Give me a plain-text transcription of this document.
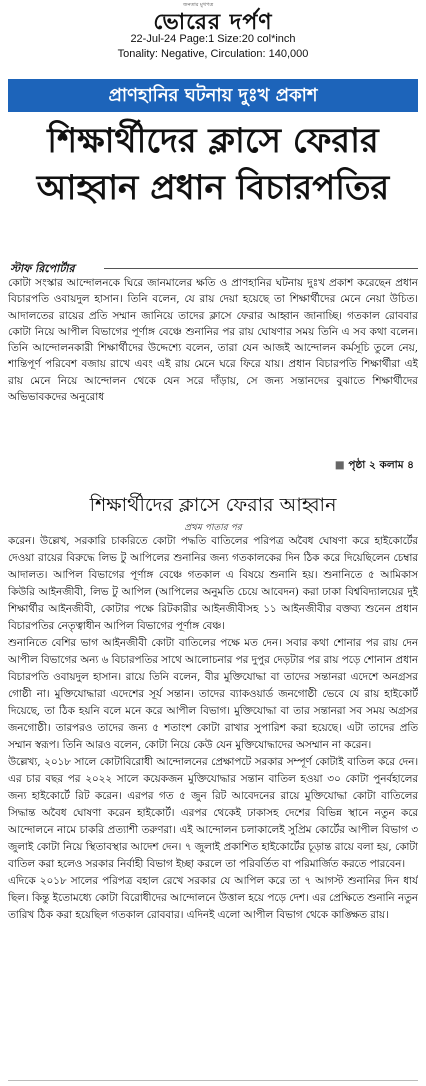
জনতার মুখপত্র
ভোরের দর্পণ
22-Jul-24 Page:1 Size:20 col*inch
Tonality: Negative, Circulation: 140,000
প্রাণহানির ঘটনায় দুঃখ প্রকাশ
শিক্ষার্থীদের ক্লাসে ফেরার আহ্বান প্রধান বিচারপতির
স্টাফ রিপোর্টার
কোটা সংস্কার আন্দোলনকে ঘিরে জানমালের ক্ষতি ও প্রাণহানির ঘটনায় দুঃখ প্রকাশ করেছেন প্রধান বিচারপতি ওবায়দুল হাসান। তিনি বলেন, যে রায় দেয়া হয়েছে তা শিক্ষার্থীদের মেনে নেয়া উচিত। আদালতের রায়ের প্রতি সম্মান জানিয়ে তাদের ক্লাসে ফেরার আহ্বান জানাচ্ছি। গতকাল রোববার কোটা নিয়ে আপীল বিভাগের পূর্ণাঙ্গ বেঞ্চে শুনানির পর রায় ঘোষণার সময় তিনি এ সব কথা বলেন। তিনি আন্দোলনকারী শিক্ষার্থীদের উদ্দেশ্যে বলেন, তারা যেন আজই আন্দোলন কর্মসূচি তুলে নেয়, শান্তিপূর্ণ পরিবেশ বজায় রাখে এবং এই রায় মেনে ঘরে ফিরে যায়। প্রধান বিচারপতি শিক্ষার্থীরা এই রায় মেনে নিয়ে আন্দোলন থেকে যেন সরে দাঁড়ায়, সে জন্য সন্তানদের বুঝাতে শিক্ষার্থীদের অভিভাবকদের অনুরোধ
■ পৃষ্ঠা ২ কলাম ৪
শিক্ষার্থীদের ক্লাসে ফেরার আহ্বান
প্রথম পাতার পর

করেন। উল্লেখ, সরকারি চাকরিতে কোটা পদ্ধতি বাতিলের পরিপত্র অবৈধ ঘোষণা করে হাইকোর্টের দেওয়া রায়ের বিরুদ্ধে লিভ টু আপিলের শুনানির জন্য গতকালকের দিন ঠিক করে দিয়েছিলেন চেম্বার আদালত। আপিল বিভাগের পূর্ণাঙ্গ বেঞ্চে গতকাল এ বিষয়ে শুনানি হয়। শুনানিতে ৫ আমিকাস কিউরি আইনজীবী, লিভ টু আপিল (আপিলের অনুমতি চেয়ে আবেদন) করা ঢাকা বিশ্ববিদ্যালয়ের দুই শিক্ষার্থীর আইনজীবী, কোটার পক্ষে রিটকারীর আইনজীবীসহ ১১ আইনজীবীর বক্তব্য শুনেন প্রধান বিচারপতির নেতৃত্বাধীন আপিল বিভাগের পূর্ণাঙ্গ বেঞ্চ।

শুনানিতে বেশির ভাগ আইনজীবী কোটা বাতিলের পক্ষে মত দেন। সবার কথা শোনার পর রায় দেন আপীল বিভাগের অন্য ৬ বিচারপতির সাথে আলোচনার পর দুপুর দেড়টার পর রায় পড়ে শোনান প্রধান বিচারপতি ওবায়দুল হাসান। রায়ে তিনি বলেন, বীর মুক্তিযোদ্ধা বা তাদের সন্তানরা এদেশে অনগ্রসর গোষ্ঠী না। মুক্তিযোদ্ধারা এদেশের সূর্য সন্তান। তাদের ব্যাকওয়ার্ড জনগোষ্ঠী ভেবে যে রায় হাইকোর্ট দিয়েছে, তা ঠিক হয়নি বলে মনে করে আপীল বিভাগ। মুক্তিযোদ্ধা বা তার সন্তানরা সব সময় অগ্রসর জনগোষ্ঠী। তারপরও তাদের জন্য ৫ শতাংশ কোটা রাখার সুপারিশ করা হয়েছে। এটা তাদের প্রতি সম্মান স্বরূপ। তিনি আরও বলেন, কোটা নিয়ে কেউ যেন মুক্তিযোদ্ধাদের অসম্মান না করেন।

উল্লেখ্য, ২০১৮ সালে কোটাবিরোধী আন্দোলনের প্রেক্ষাপটে সরকার সম্পূর্ণ কোটাই বাতিল করে দেন। এর চার বছর পর ২০২২ সালে কয়েকজন মুক্তিযোদ্ধার সন্তান বাতিল হওয়া ৩০ কোটা পুনর্বহালের জন্য হাইকোর্টে রিট করেন। এরপর গত ৫ জুন রিট আবেদনের রায়ে মুক্তিযোদ্ধা কোটা বাতিলের সিদ্ধান্ত অবৈধ ঘোষণা করেন হাইকোর্ট। এরপর থেকেই ঢাকাসহ দেশের বিভিন্ন স্থানে নতুন করে আন্দোলনে নামে চাকরি প্রত্যাশী তরুণরা। এই আন্দোলন চলাকালেই সুপ্রিম কোর্টের আপীল বিভাগ ৩ জুলাই কোটা নিয়ে স্থিতাবস্থার আদেশ দেন। ৭ জুলাই প্রকাশিত হাইকোর্টের চূড়ান্ত রায়ে বলা হয়, কোটা বাতিল করা হলেও সরকার নির্বাহী বিভাগ ইচ্ছা করলে তা পরিবর্তিত বা পরিমার্জিত করতে পারবেন।

এদিকে ২০১৮ সালের পরিপত্র বহাল রেখে সরকার যে আপিল করে তা ৭ আগস্ট শুনানির দিন ধার্য ছিল। কিন্তু ইতোমধ্যে কোটা বিরোধীদের আন্দোলনে উত্তাল হয়ে পড়ে দেশ। এর প্রেক্ষিতে শুনানি নতুন তারিখ ঠিক করা হয়েছিল গতকাল রোববার। এদিনই এলো আপীল বিভাগ থেকে কাঙ্ক্ষিত রায়।
